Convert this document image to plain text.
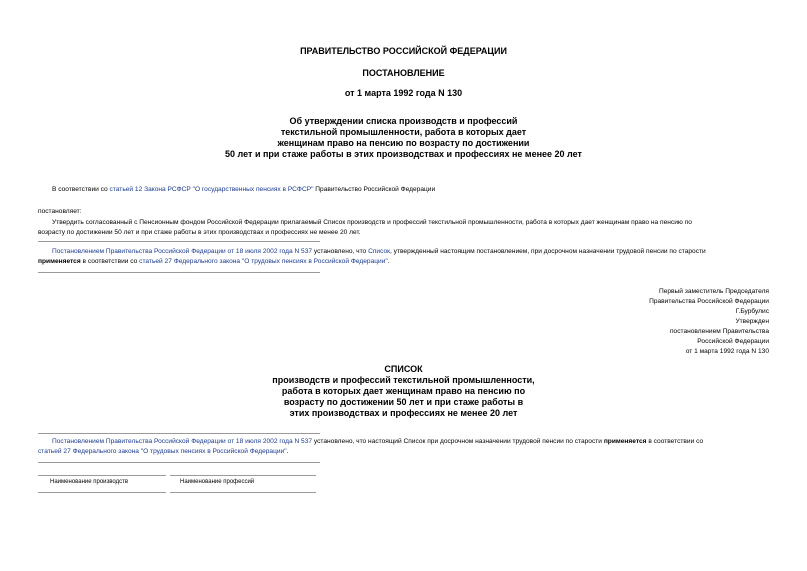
ПРАВИТЕЛЬСТВО РОССИЙСКОЙ ФЕДЕРАЦИИ
ПОСТАНОВЛЕНИЕ
от 1 марта 1992 года N 130
Об утверждении списка производств и профессий
текстильной промышленности, работа в которых дает
женщинам право на пенсию по возрасту по достижении
50 лет и при стаже работы в этих производствах и профессиях не менее 20 лет
В соответствии со статьей 12 Закона РСФСР "О государственных пенсиях в РСФСР" Правительство Российской Федерации
постановляет:
Утвердить согласованный с Пенсионным фондом Российской Федерации прилагаемый Список производств и профессий текстильной промышленности, работа в которых дает женщинам право на пенсию по
возрасту по достижении 50 лет и при стаже работы в этих производствах и профессиях не менее 20 лет.
Постановлением Правительства Российской Федерации от 18 июля 2002 года N 537 установлено, что Список, утвержденный настоящим постановлением, при досрочном назначении трудовой пенсии по старости
применяется в соответствии со статьей 27 Федерального закона "О трудовых пенсиях в Российской Федерации".
Первый заместитель Председателя
Правительства Российской Федерации
Г.Бурбулис
Утвержден
постановлением Правительства
Российской Федерации
от 1 марта 1992 года N 130
СПИСОК
производств и профессий текстильной промышленности,
работа в которых дает женщинам право на пенсию по
возрасту по достижении 50 лет и при стаже работы в
этих производствах и профессиях не менее 20 лет
Постановлением Правительства Российской Федерации от 18 июля 2002 года N 537 установлено, что настоящий Список при досрочном назначении трудовой пенсии по старости применяется в соответствии со
статьей 27 Федерального закона "О трудовых пенсиях в Российской Федерации".
Наименование производств	Наименование профессий
